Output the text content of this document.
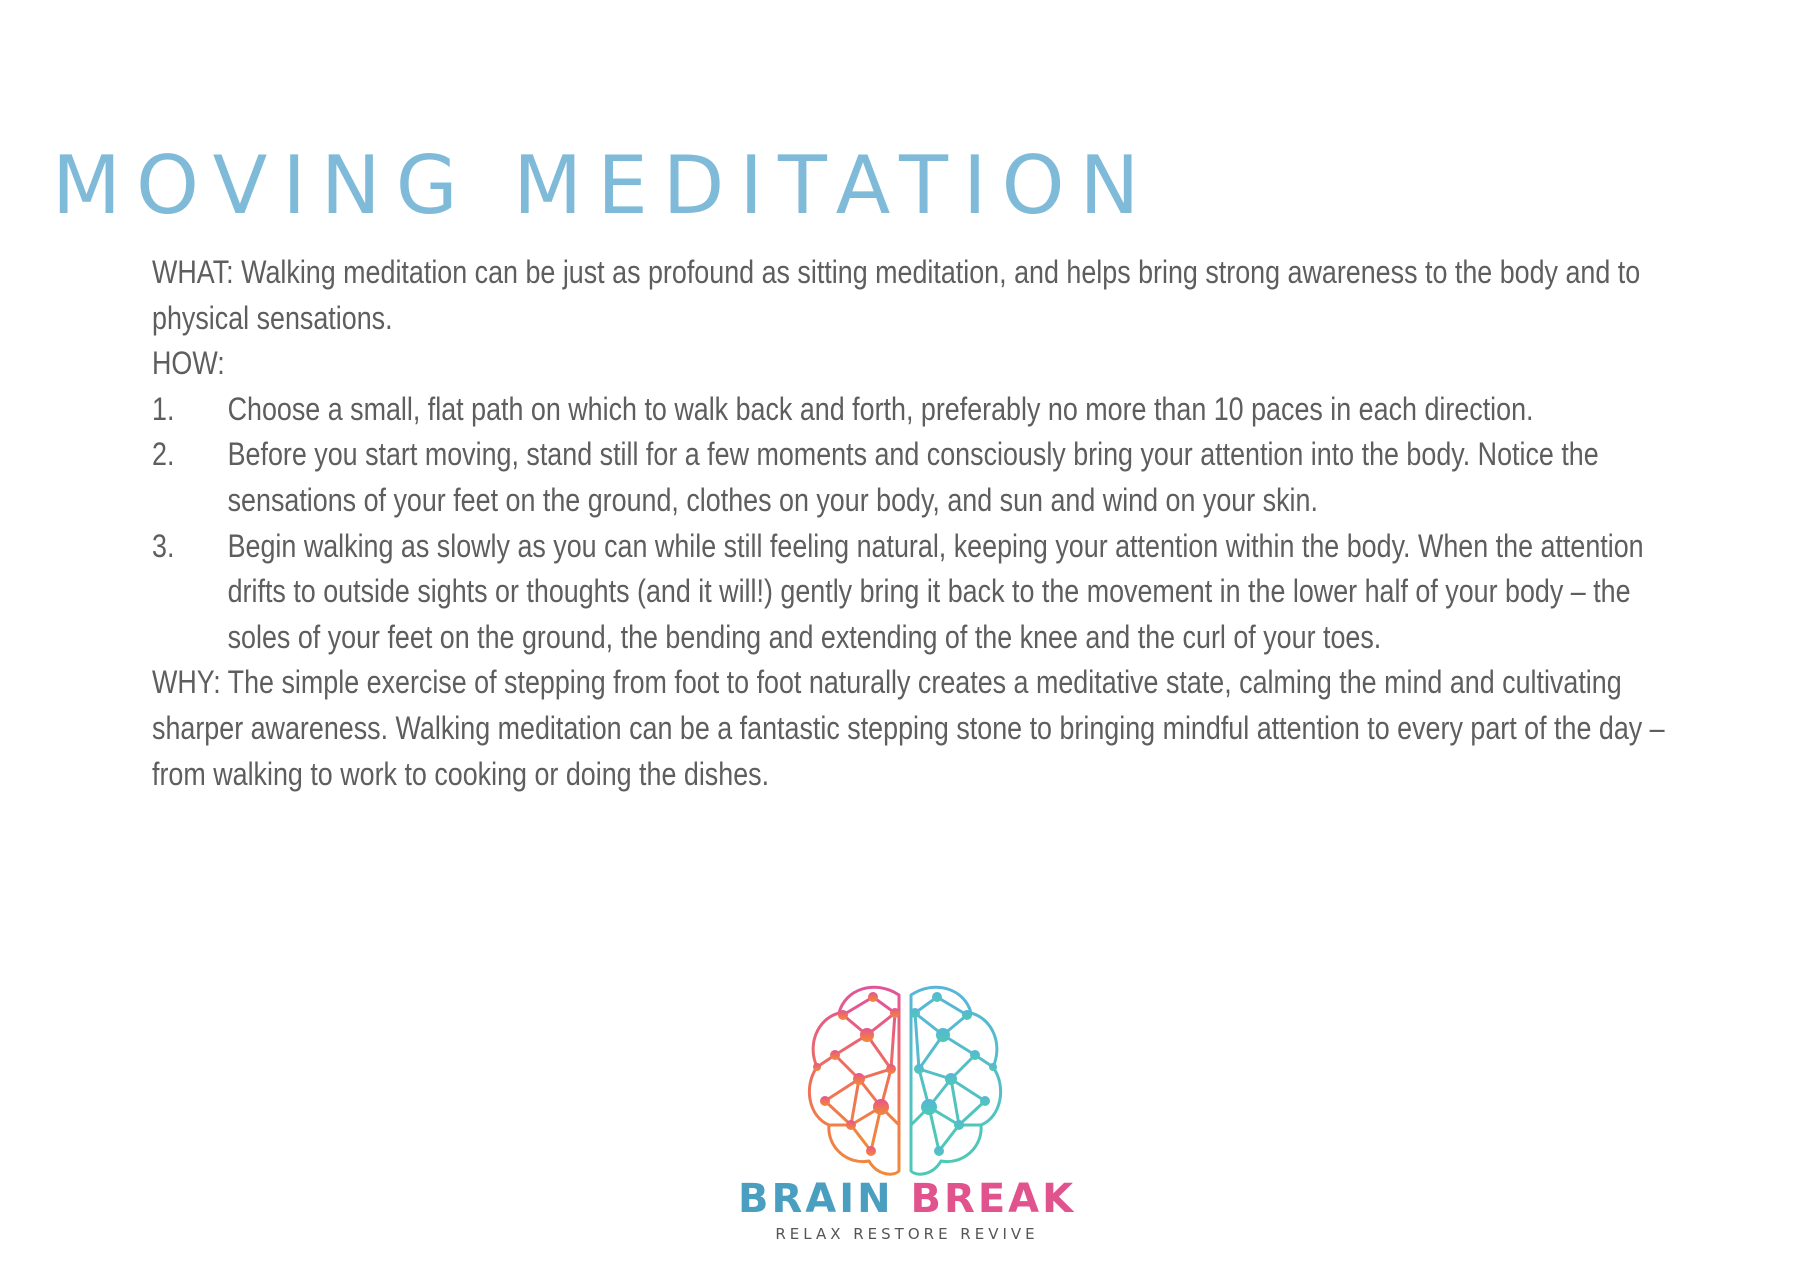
MOVING MEDITATION

WHAT: Walking meditation can be just as profound as sitting meditation, and helps bring strong awareness to the body and to physical sensations.

HOW:

1.	Choose a small, flat path on which to walk back and forth, preferably no more than 10 paces in each direction.
2.	Before you start moving, stand still for a few moments and consciously bring your attention into the body. Notice the sensations of your feet on the ground, clothes on your body, and sun and wind on your skin.
3.	Begin walking as slowly as you can while still feeling natural, keeping your attention within the body. When the attention drifts to outside sights or thoughts (and it will!) gently bring it back to the movement in the lower half of your body – the soles of your feet on the ground, the bending and extending of the knee and the curl of your toes.

WHY: The simple exercise of stepping from foot to foot naturally creates a meditative state, calming the mind and cultivating sharper awareness. Walking meditation can be a fantastic stepping stone to bringing mindful attention to every part of the day – from walking to work to cooking or doing the dishes.

BRAIN BREAK
RELAX RESTORE REVIVE
